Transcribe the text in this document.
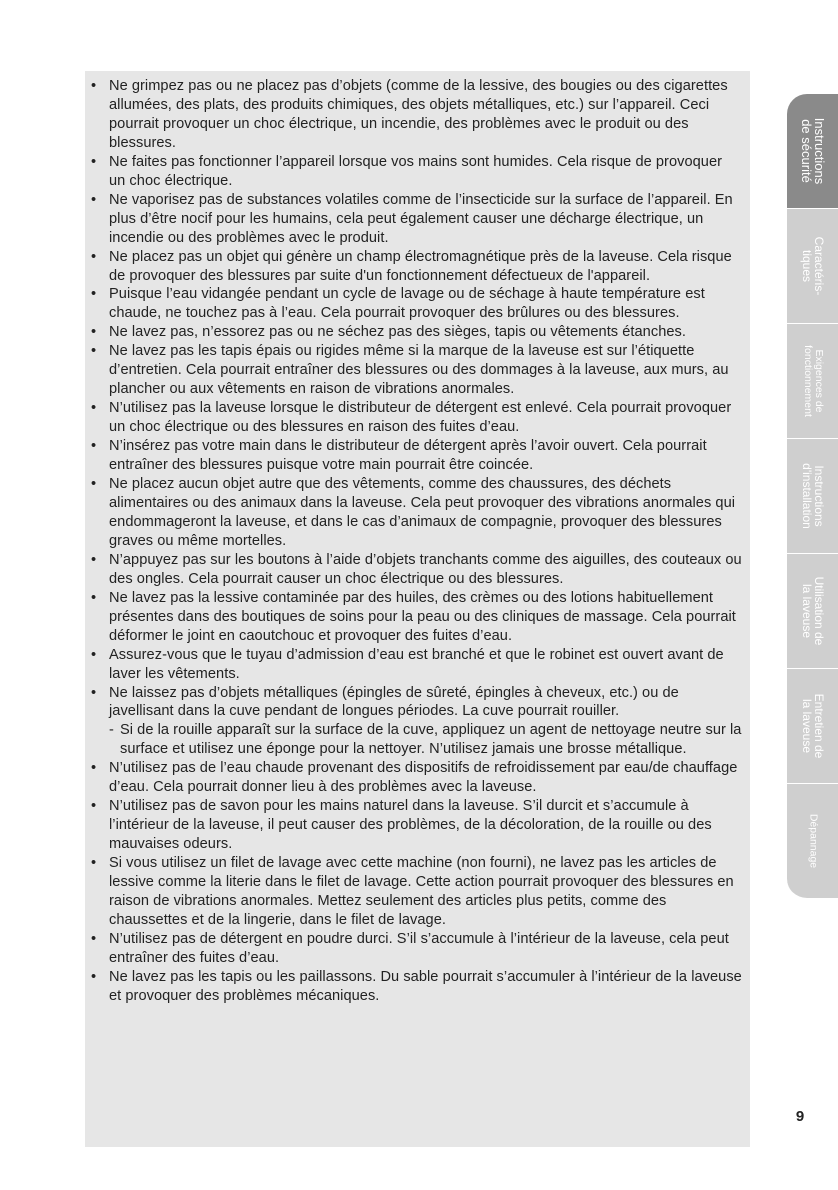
• Ne grimpez pas ou ne placez pas d’objets (comme de la lessive, des bougies ou des cigarettes allumées, des plats, des produits chimiques, des objets métalliques, etc.) sur l’appareil. Ceci pourrait provoquer un choc électrique, un incendie, des problèmes avec le produit ou des blessures.
• Ne faites pas fonctionner l’appareil lorsque vos mains sont humides. Cela risque de provoquer un choc électrique.
• Ne vaporisez pas de substances volatiles comme de l’insecticide sur la surface de l’appareil. En plus d’être nocif pour les humains, cela peut également causer une décharge électrique, un incendie ou des problèmes avec le produit.
• Ne placez pas un objet qui génère un champ électromagnétique près de la laveuse. Cela risque de provoquer des blessures par suite d'un fonctionnement défectueux de l'appareil.
• Puisque l’eau vidangée pendant un cycle de lavage ou de séchage à haute température est chaude, ne touchez pas à l’eau. Cela pourrait provoquer des brûlures ou des blessures.
• Ne lavez pas, n’essorez pas ou ne séchez pas des sièges, tapis ou vêtements étanches.
• Ne lavez pas les tapis épais ou rigides même si la marque de la laveuse est sur l’étiquette d’entretien. Cela pourrait entraîner des blessures ou des dommages à la laveuse, aux murs, au plancher ou aux vêtements en raison de vibrations anormales.
• N’utilisez pas la laveuse lorsque le distributeur de détergent est enlevé. Cela pourrait provoquer un choc électrique ou des blessures en raison des fuites d’eau.
• N’insérez pas votre main dans le distributeur de détergent après l’avoir ouvert. Cela pourrait entraîner des blessures puisque votre main pourrait être coincée.
• Ne placez aucun objet autre que des vêtements, comme des chaussures, des déchets alimentaires ou des animaux dans la laveuse. Cela peut provoquer des vibrations anormales qui endommageront la laveuse, et dans le cas d’animaux de compagnie, provoquer des blessures graves ou même mortelles.
• N’appuyez pas sur les boutons à l’aide d’objets tranchants comme des aiguilles, des couteaux ou des ongles. Cela pourrait causer un choc électrique ou des blessures.
• Ne lavez pas la lessive contaminée par des huiles, des crèmes ou des lotions habituellement présentes dans des boutiques de soins pour la peau ou des cliniques de massage. Cela pourrait déformer le joint en caoutchouc et provoquer des fuites d’eau.
• Assurez-vous que le tuyau d’admission d’eau est branché et que le robinet est ouvert avant de laver les vêtements.
• Ne laissez pas d’objets métalliques (épingles de sûreté, épingles à cheveux, etc.) ou de javellisant dans la cuve pendant de longues périodes. La cuve pourrait rouiller.
- Si de la rouille apparaît sur la surface de la cuve, appliquez un agent de nettoyage neutre sur la surface et utilisez une éponge pour la nettoyer. N’utilisez jamais une brosse métallique.
• N’utilisez pas de l’eau chaude provenant des dispositifs de refroidissement par eau/de chauffage d’eau. Cela pourrait donner lieu à des problèmes avec la laveuse.
• N’utilisez pas de savon pour les mains naturel dans la laveuse. S’il durcit et s’accumule à l’intérieur de la laveuse, il peut causer des problèmes, de la décoloration, de la rouille ou des mauvaises odeurs.
• Si vous utilisez un filet de lavage avec cette machine (non fourni), ne lavez pas les articles de lessive comme la literie dans le filet de lavage. Cette action pourrait provoquer des blessures en raison de vibrations anormales. Mettez seulement des articles plus petits, comme des chaussettes et de la lingerie, dans le filet de lavage.
• N’utilisez pas de détergent en poudre durci. S’il s’accumule à l’intérieur de la laveuse, cela peut entraîner des fuites d’eau.
• Ne lavez pas les tapis ou les paillassons. Du sable pourrait s’accumuler à l’intérieur de la laveuse et provoquer des problèmes mécaniques.
Instructions
de sécurité
Caractéris-
tiques
Exigences de
fonctionnement
Instructions
d'installation
Utilisation de
la laveuse
Entretien de
la laveuse
Dépannage
9
